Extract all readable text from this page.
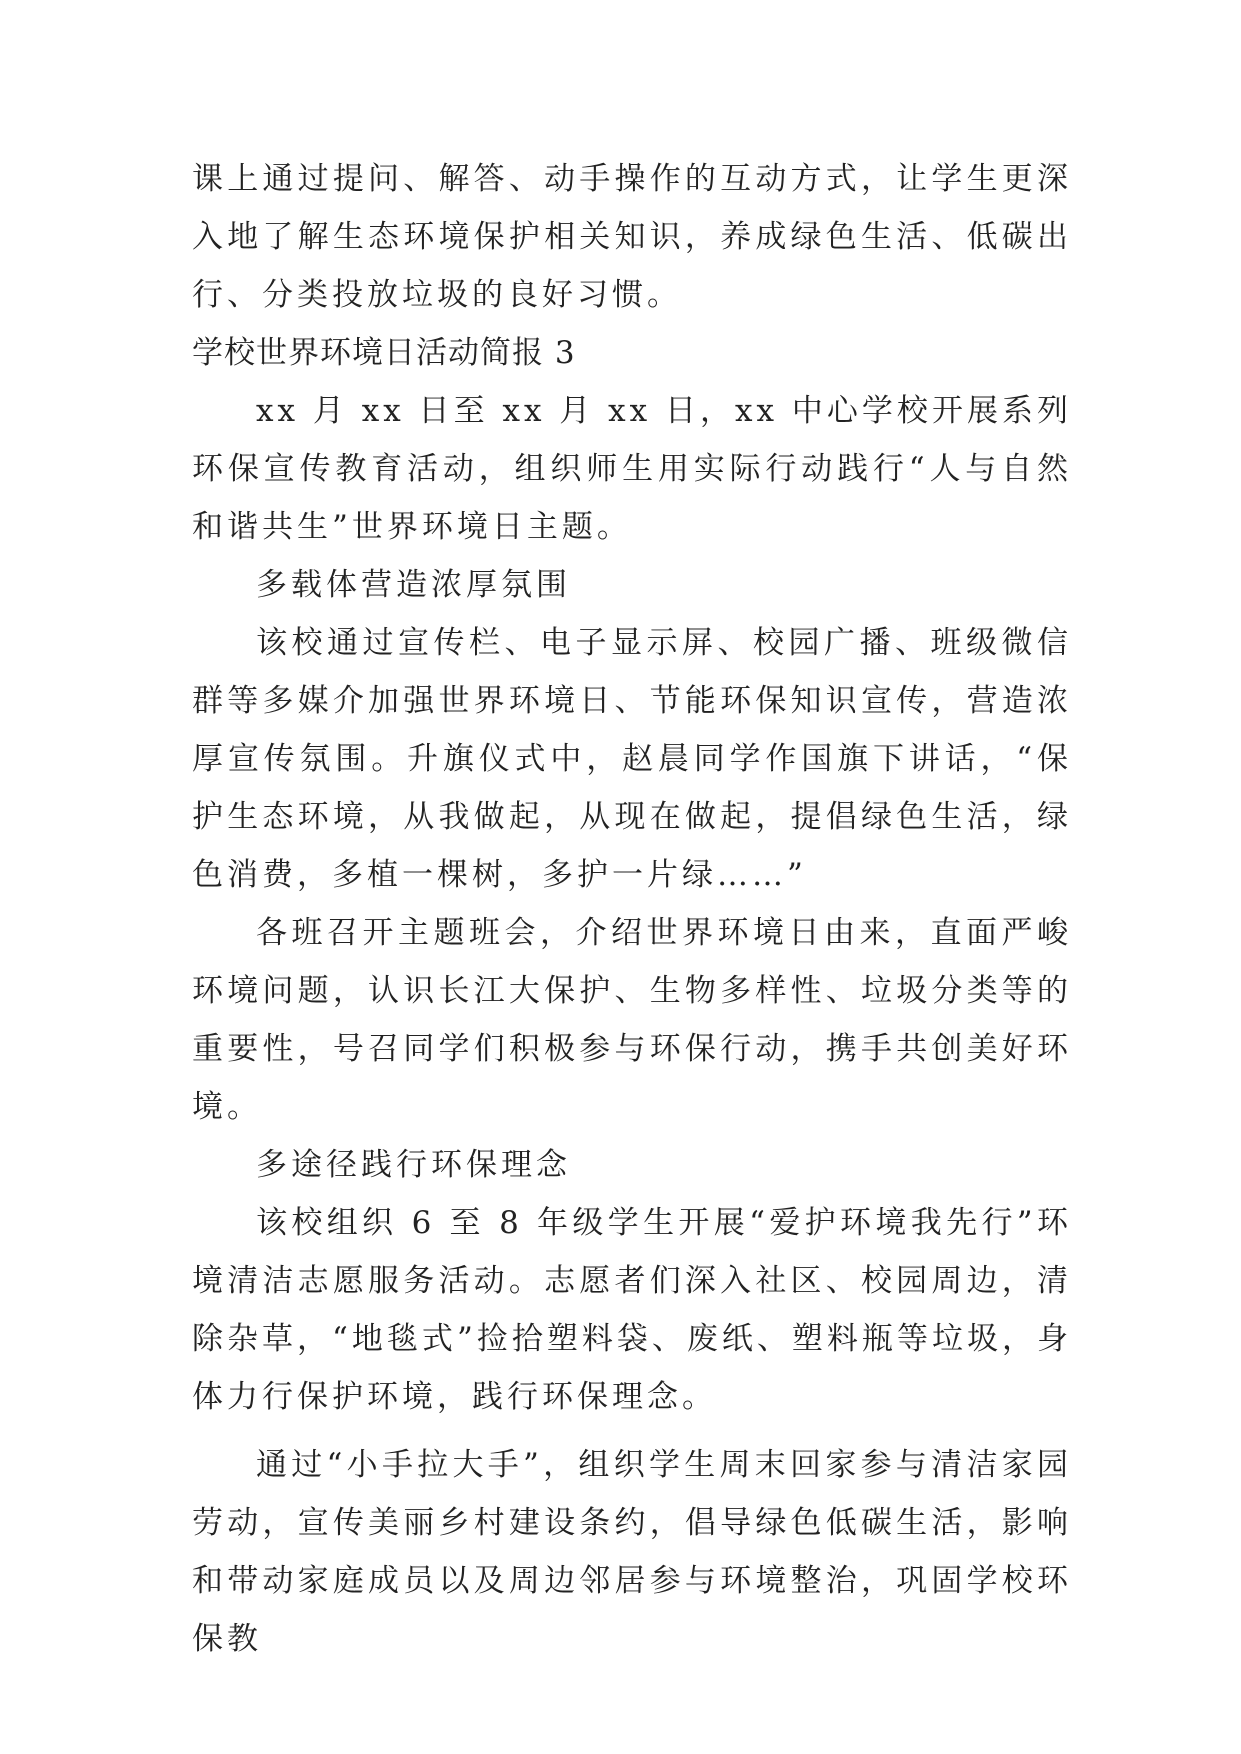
课上通过提问、解答、动手操作的互动方式，让学生更深入地了解生态环境保护相关知识，养成绿色生活、低碳出行、分类投放垃圾的良好习惯。

学校世界环境日活动简报 3

xx 月 xx 日至 xx 月 xx 日，xx 中心学校开展系列环保宣传教育活动，组织师生用实际行动践行“人与自然和谐共生”世界环境日主题。

多载体营造浓厚氛围

该校通过宣传栏、电子显示屏、校园广播、班级微信群等多媒介加强世界环境日、节能环保知识宣传，营造浓厚宣传氛围。升旗仪式中，赵晨同学作国旗下讲话，“保护生态环境，从我做起，从现在做起，提倡绿色生活，绿色消费，多植一棵树，多护一片绿……”

各班召开主题班会，介绍世界环境日由来，直面严峻环境问题，认识长江大保护、生物多样性、垃圾分类等的重要性，号召同学们积极参与环保行动，携手共创美好环境。

多途径践行环保理念

该校组织 6 至 8 年级学生开展“爱护环境我先行”环境清洁志愿服务活动。志愿者们深入社区、校园周边，清除杂草，“地毯式”捡拾塑料袋、废纸、塑料瓶等垃圾，身体力行保护环境，践行环保理念。

通过“小手拉大手”，组织学生周末回家参与清洁家园劳动，宣传美丽乡村建设条约，倡导绿色低碳生活，影响和带动家庭成员以及周边邻居参与环境整治，巩固学校环保教
